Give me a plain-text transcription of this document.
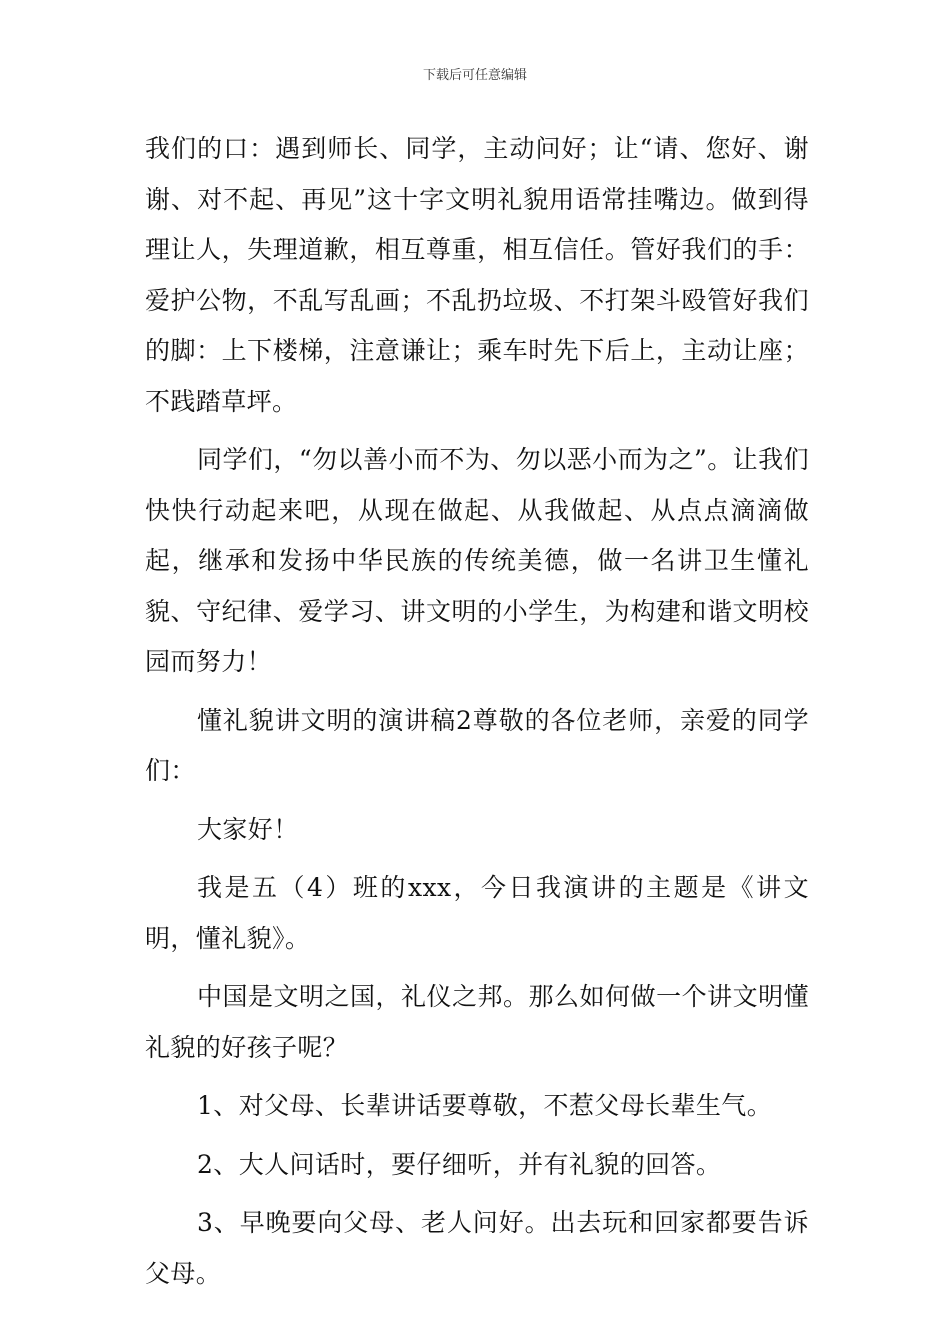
下载后可任意编辑

我们的口：遇到师长、同学，主动问好；让“请、您好、谢谢、对不起、再见”这十字文明礼貌用语常挂嘴边。做到得理让人，失理道歉，相互尊重，相互信任。管好我们的手：爱护公物，不乱写乱画；不乱扔垃圾、不打架斗殴管好我们的脚：上下楼梯，注意谦让；乘车时先下后上，主动让座；不践踏草坪。

同学们，“勿以善小而不为、勿以恶小而为之”。让我们快快行动起来吧，从现在做起、从我做起、从点点滴滴做起，继承和发扬中华民族的传统美德，做一名讲卫生懂礼貌、守纪律、爱学习、讲文明的小学生，为构建和谐文明校园而努力！

懂礼貌讲文明的演讲稿2尊敬的各位老师，亲爱的同学们：

大家好！

我是五（4）班的xxx，今日我演讲的主题是《讲文明，懂礼貌》。

中国是文明之国，礼仪之邦。那么如何做一个讲文明懂礼貌的好孩子呢？

1、对父母、长辈讲话要尊敬，不惹父母长辈生气。

2、大人问话时，要仔细听，并有礼貌的回答。

3、早晚要向父母、老人问好。出去玩和回家都要告诉父母。
